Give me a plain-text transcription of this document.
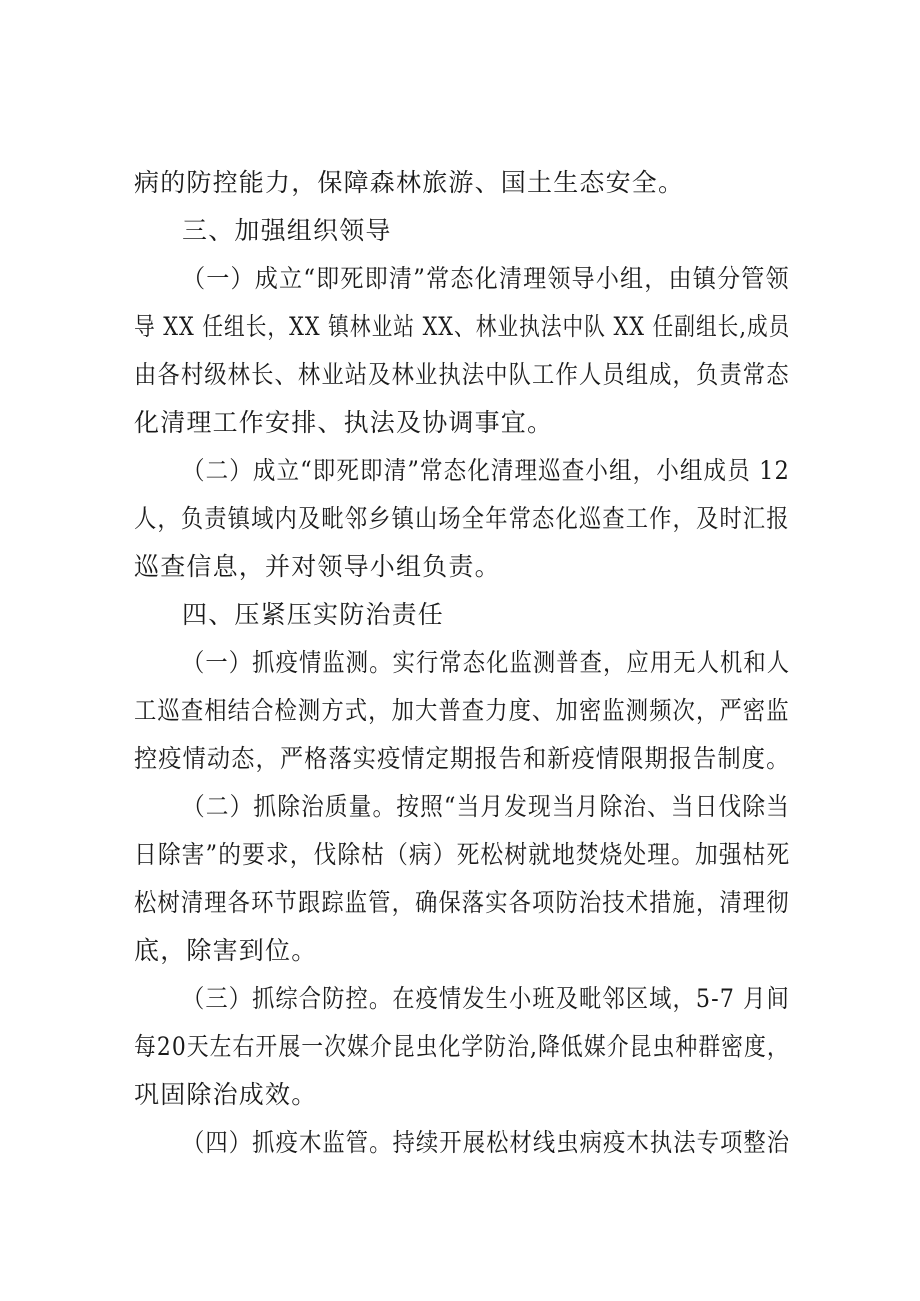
病的防控能力，保障森林旅游、国土生态安全。
三、加强组织领导
（一）成立“即死即清”常态化清理领导小组，由镇分管领
导 XX 任组长，XX 镇林业站 XX、林业执法中队 XX 任副组长,成员
由各村级林长、林业站及林业执法中队工作人员组成，负责常态
化清理工作安排、执法及协调事宜。
（二）成立“即死即清”常态化清理巡查小组，小组成员 12
人，负责镇域内及毗邻乡镇山场全年常态化巡查工作，及时汇报
巡查信息，并对领导小组负责。
四、压紧压实防治责任
（一）抓疫情监测。实行常态化监测普查，应用无人机和人
工巡查相结合检测方式，加大普查力度、加密监测频次，严密监
控疫情动态，严格落实疫情定期报告和新疫情限期报告制度。
（二）抓除治质量。按照“当月发现当月除治、当日伐除当
日除害”的要求，伐除枯（病）死松树就地焚烧处理。加强枯死
松树清理各环节跟踪监管，确保落实各项防治技术措施，清理彻
底，除害到位。
（三）抓综合防控。在疫情发生小班及毗邻区域，5-7 月间
每20天左右开展一次媒介昆虫化学防治,降低媒介昆虫种群密度，
巩固除治成效。
（四）抓疫木监管。持续开展松材线虫病疫木执法专项整治
